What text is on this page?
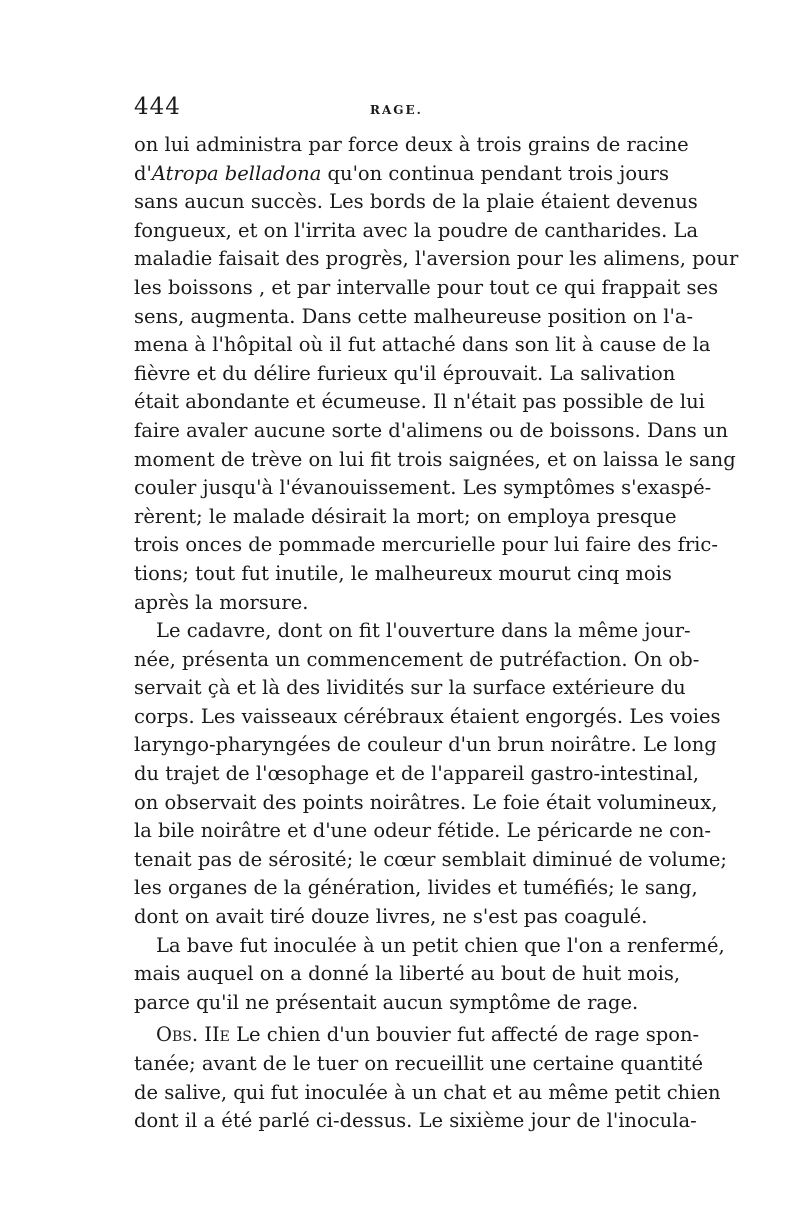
444	RAGE.
on lui administra par force deux à trois grains de racine
d'Atropa belladona qu'on continua pendant trois jours
sans aucun succès. Les bords de la plaie étaient devenus
fongueux, et on l'irrita avec la poudre de cantharides. La
maladie faisait des progrès, l'aversion pour les alimens, pour
les boissons , et par intervalle pour tout ce qui frappait ses
sens, augmenta. Dans cette malheureuse position on l'a-
mena à l'hôpital où il fut attaché dans son lit à cause de la
fièvre et du délire furieux qu'il éprouvait. La salivation
était abondante et écumeuse. Il n'était pas possible de lui
faire avaler aucune sorte d'alimens ou de boissons. Dans un
moment de trève on lui fit trois saignées, et on laissa le sang
couler jusqu'à l'évanouissement. Les symptômes s'exaspé-
rèrent; le malade désirait la mort; on employa presque
trois onces de pommade mercurielle pour lui faire des fric-
tions; tout fut inutile, le malheureux mourut cinq mois
après la morsure.
Le cadavre, dont on fit l'ouverture dans la même jour-
née, présenta un commencement de putréfaction. On ob-
servait çà et là des lividités sur la surface extérieure du
corps. Les vaisseaux cérébraux étaient engorgés. Les voies
laryngo-pharyngées de couleur d'un brun noirâtre. Le long
du trajet de l'œsophage et de l'appareil gastro-intestinal,
on observait des points noirâtres. Le foie était volumineux,
la bile noirâtre et d'une odeur fétide. Le péricarde ne con-
tenait pas de sérosité; le cœur semblait diminué de volume;
les organes de la génération, livides et tuméfiés; le sang,
dont on avait tiré douze livres, ne s'est pas coagulé.
La bave fut inoculée à un petit chien que l'on a renfermé,
mais auquel on a donné la liberté au bout de huit mois,
parce qu'il ne présentait aucun symptôme de rage.
Obs. IIe Le chien d'un bouvier fut affecté de rage spon-
tanée; avant de le tuer on recueillit une certaine quantité
de salive, qui fut inoculée à un chat et au même petit chien
dont il a été parlé ci-dessus. Le sixième jour de l'inocula-
